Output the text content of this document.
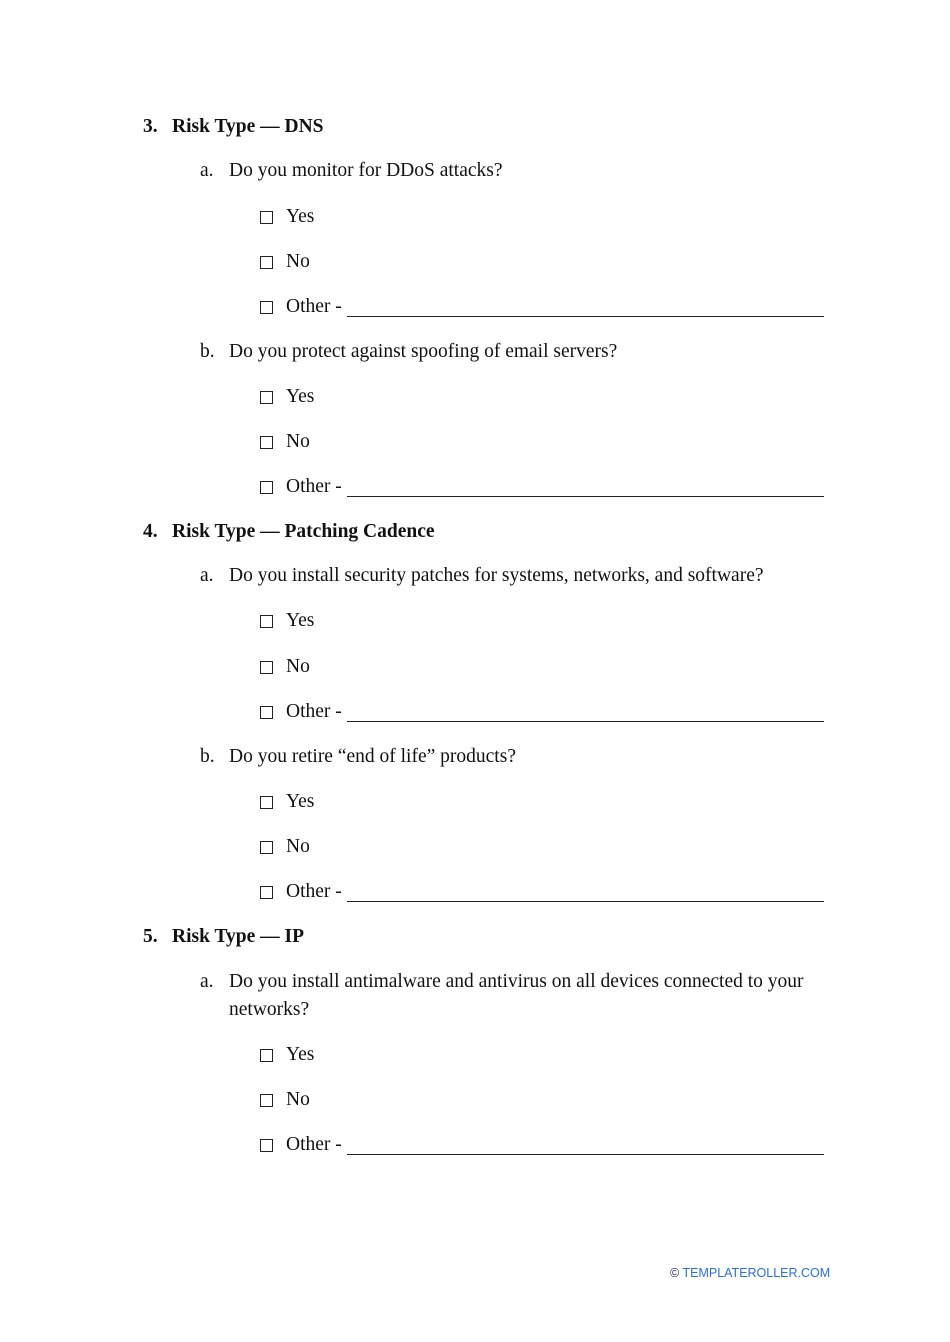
3. Risk Type — DNS
a. Do you monitor for DDoS attacks?
Yes
No
Other -
b. Do you protect against spoofing of email servers?
Yes
No
Other -
4. Risk Type — Patching Cadence
a. Do you install security patches for systems, networks, and software?
Yes
No
Other -
b. Do you retire “end of life” products?
Yes
No
Other -
5. Risk Type — IP
a. Do you install antimalware and antivirus on all devices connected to your networks?
Yes
No
Other -
© TEMPLATEROLLER.COM
